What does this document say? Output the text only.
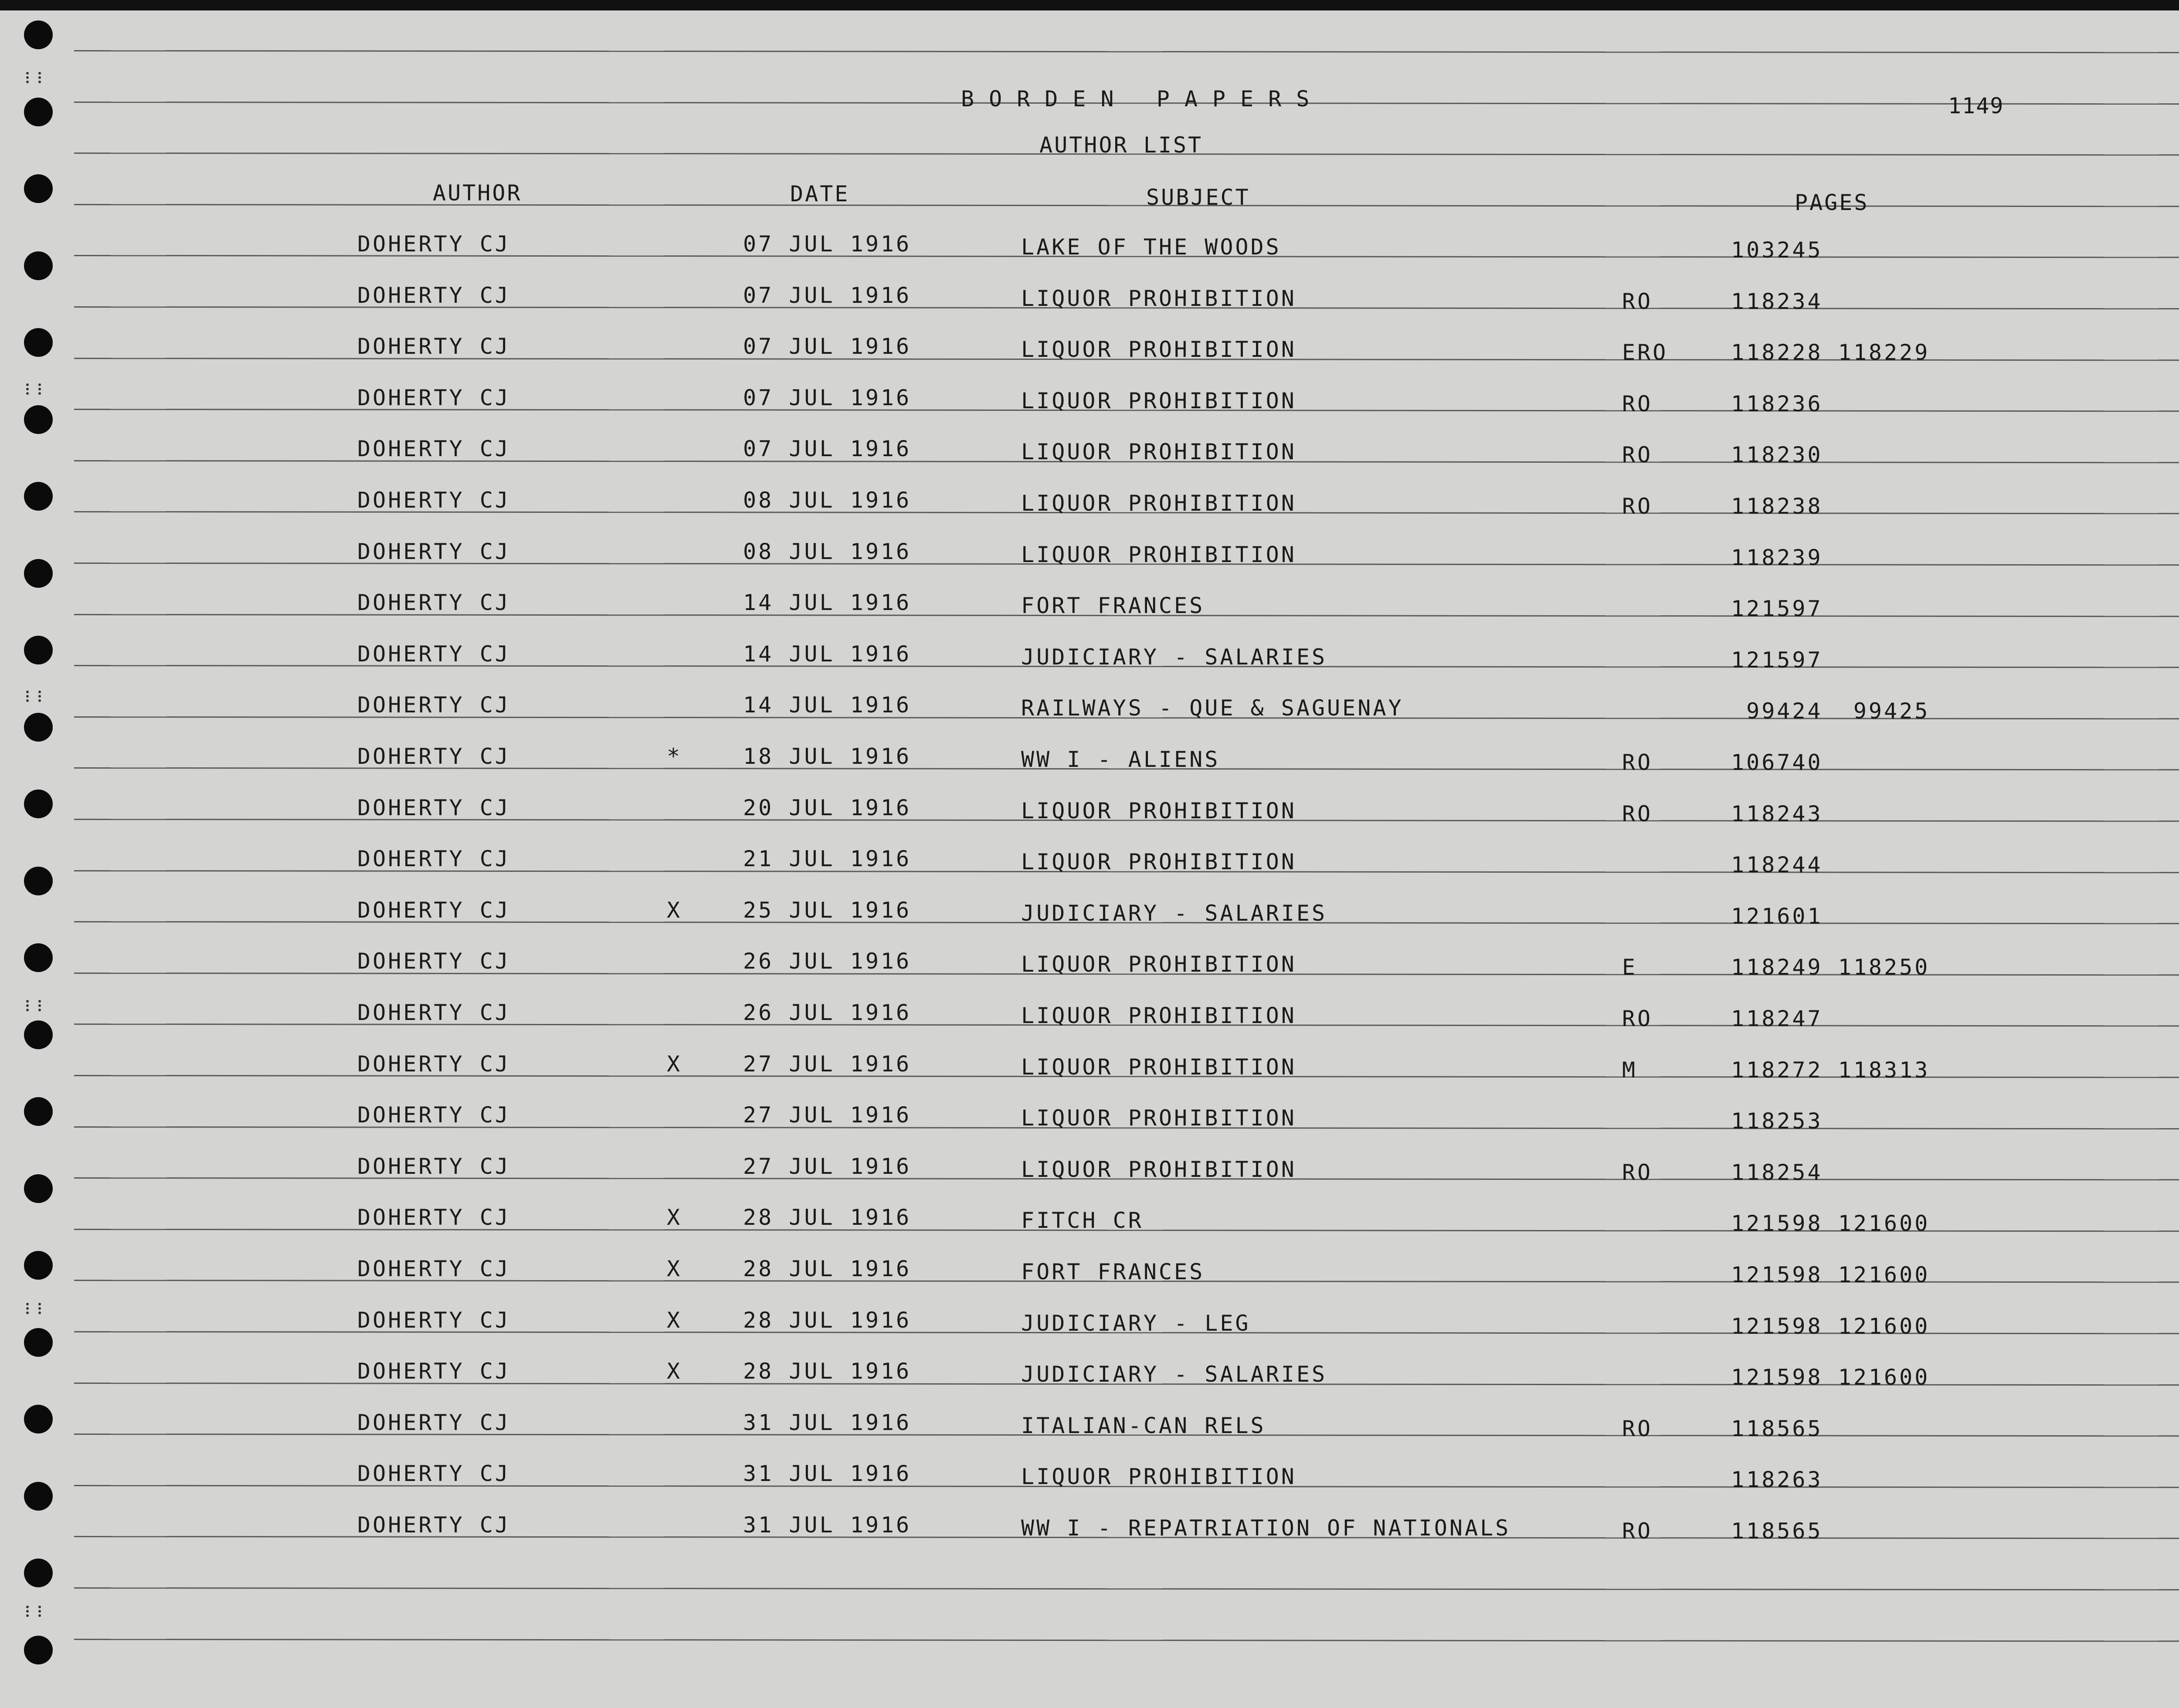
BORDEN PAPERS	1149
AUTHOR LIST
AUTHOR	DATE	SUBJECT	PAGES
DOHERTY CJ	07 JUL 1916	LAKE OF THE WOODS	103245
DOHERTY CJ	07 JUL 1916	LIQUOR PROHIBITION	RO	118234
DOHERTY CJ	07 JUL 1916	LIQUOR PROHIBITION	ERO	118228 118229
DOHERTY CJ	07 JUL 1916	LIQUOR PROHIBITION	RO	118236
DOHERTY CJ	07 JUL 1916	LIQUOR PROHIBITION	RO	118230
DOHERTY CJ	08 JUL 1916	LIQUOR PROHIBITION	RO	118238
DOHERTY CJ	08 JUL 1916	LIQUOR PROHIBITION	118239
DOHERTY CJ	14 JUL 1916	FORT FRANCES	121597
DOHERTY CJ	14 JUL 1916	JUDICIARY - SALARIES	121597
DOHERTY CJ	14 JUL 1916	RAILWAYS - QUE & SAGUENAY	99424  99425
DOHERTY CJ	*	18 JUL 1916	WW I - ALIENS	RO	106740
DOHERTY CJ	20 JUL 1916	LIQUOR PROHIBITION	RO	118243
DOHERTY CJ	21 JUL 1916	LIQUOR PROHIBITION	118244
DOHERTY CJ	X	25 JUL 1916	JUDICIARY - SALARIES	121601
DOHERTY CJ	26 JUL 1916	LIQUOR PROHIBITION	E	118249 118250
DOHERTY CJ	26 JUL 1916	LIQUOR PROHIBITION	RO	118247
DOHERTY CJ	X	27 JUL 1916	LIQUOR PROHIBITION	M	118272 118313
DOHERTY CJ	27 JUL 1916	LIQUOR PROHIBITION	118253
DOHERTY CJ	27 JUL 1916	LIQUOR PROHIBITION	RO	118254
DOHERTY CJ	X	28 JUL 1916	FITCH CR	121598 121600
DOHERTY CJ	X	28 JUL 1916	FORT FRANCES	121598 121600
DOHERTY CJ	X	28 JUL 1916	JUDICIARY - LEG	121598 121600
DOHERTY CJ	X	28 JUL 1916	JUDICIARY - SALARIES	121598 121600
DOHERTY CJ	31 JUL 1916	ITALIAN-CAN RELS	RO	118565
DOHERTY CJ	31 JUL 1916	LIQUOR PROHIBITION	118263
DOHERTY CJ	31 JUL 1916	WW I - REPATRIATION OF NATIONALS	RO	118565
